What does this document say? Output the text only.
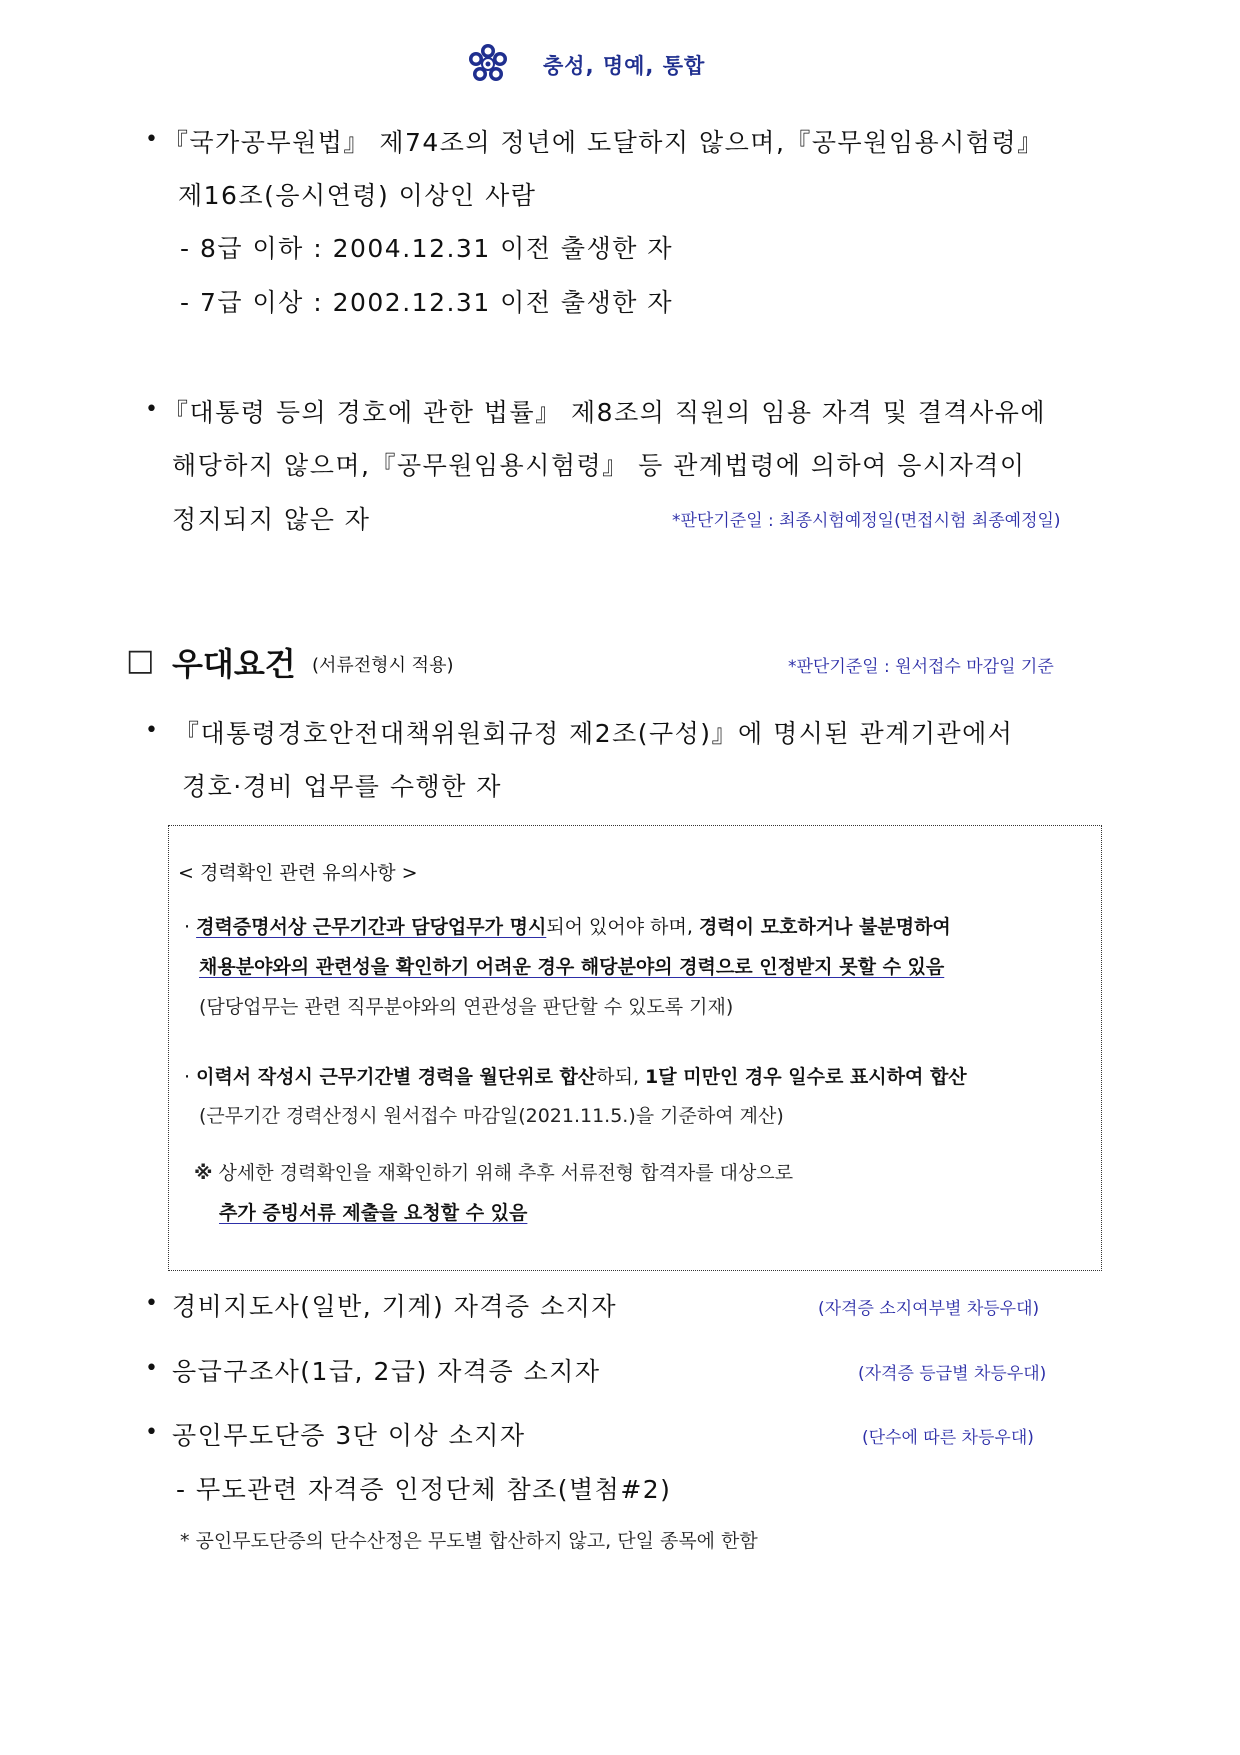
충성, 명예, 통합
• 『국가공무원법』 제74조의 정년에 도달하지 않으며,『공무원임용시험령』
제16조(응시연령) 이상인 사람
- 8급 이하 : 2004.12.31 이전 출생한 자
- 7급 이상 : 2002.12.31 이전 출생한 자
• 『대통령 등의 경호에 관한 법률』 제8조의 직원의 임용 자격 및 결격사유에
해당하지 않으며,『공무원임용시험령』 등 관계법령에 의하여 응시자격이
정지되지 않은 자	*판단기준일 : 최종시험예정일(면접시험 최종예정일)
□ 우대요건 (서류전형시 적용)	*판단기준일 : 원서접수 마감일 기준
• 『대통령경호안전대책위원회규정 제2조(구성)』에 명시된 관계기관에서
경호·경비 업무를 수행한 자
< 경력확인 관련 유의사항 >
· 경력증명서상 근무기간과 담당업무가 명시되어 있어야 하며, 경력이 모호하거나 불분명하여
채용분야와의 관련성을 확인하기 어려운 경우 해당분야의 경력으로 인정받지 못할 수 있음
(담당업무는 관련 직무분야와의 연관성을 판단할 수 있도록 기재)
· 이력서 작성시 근무기간별 경력을 월단위로 합산하되, 1달 미만인 경우 일수로 표시하여 합산
(근무기간 경력산정시 원서접수 마감일(2021.11.5.)을 기준하여 계산)
※ 상세한 경력확인을 재확인하기 위해 추후 서류전형 합격자를 대상으로
추가 증빙서류 제출을 요청할 수 있음
• 경비지도사(일반, 기계) 자격증 소지자	(자격증 소지여부별 차등우대)
• 응급구조사(1급, 2급) 자격증 소지자	(자격증 등급별 차등우대)
• 공인무도단증 3단 이상 소지자	(단수에 따른 차등우대)
- 무도관련 자격증 인정단체 참조(별첨#2)
* 공인무도단증의 단수산정은 무도별 합산하지 않고, 단일 종목에 한함
